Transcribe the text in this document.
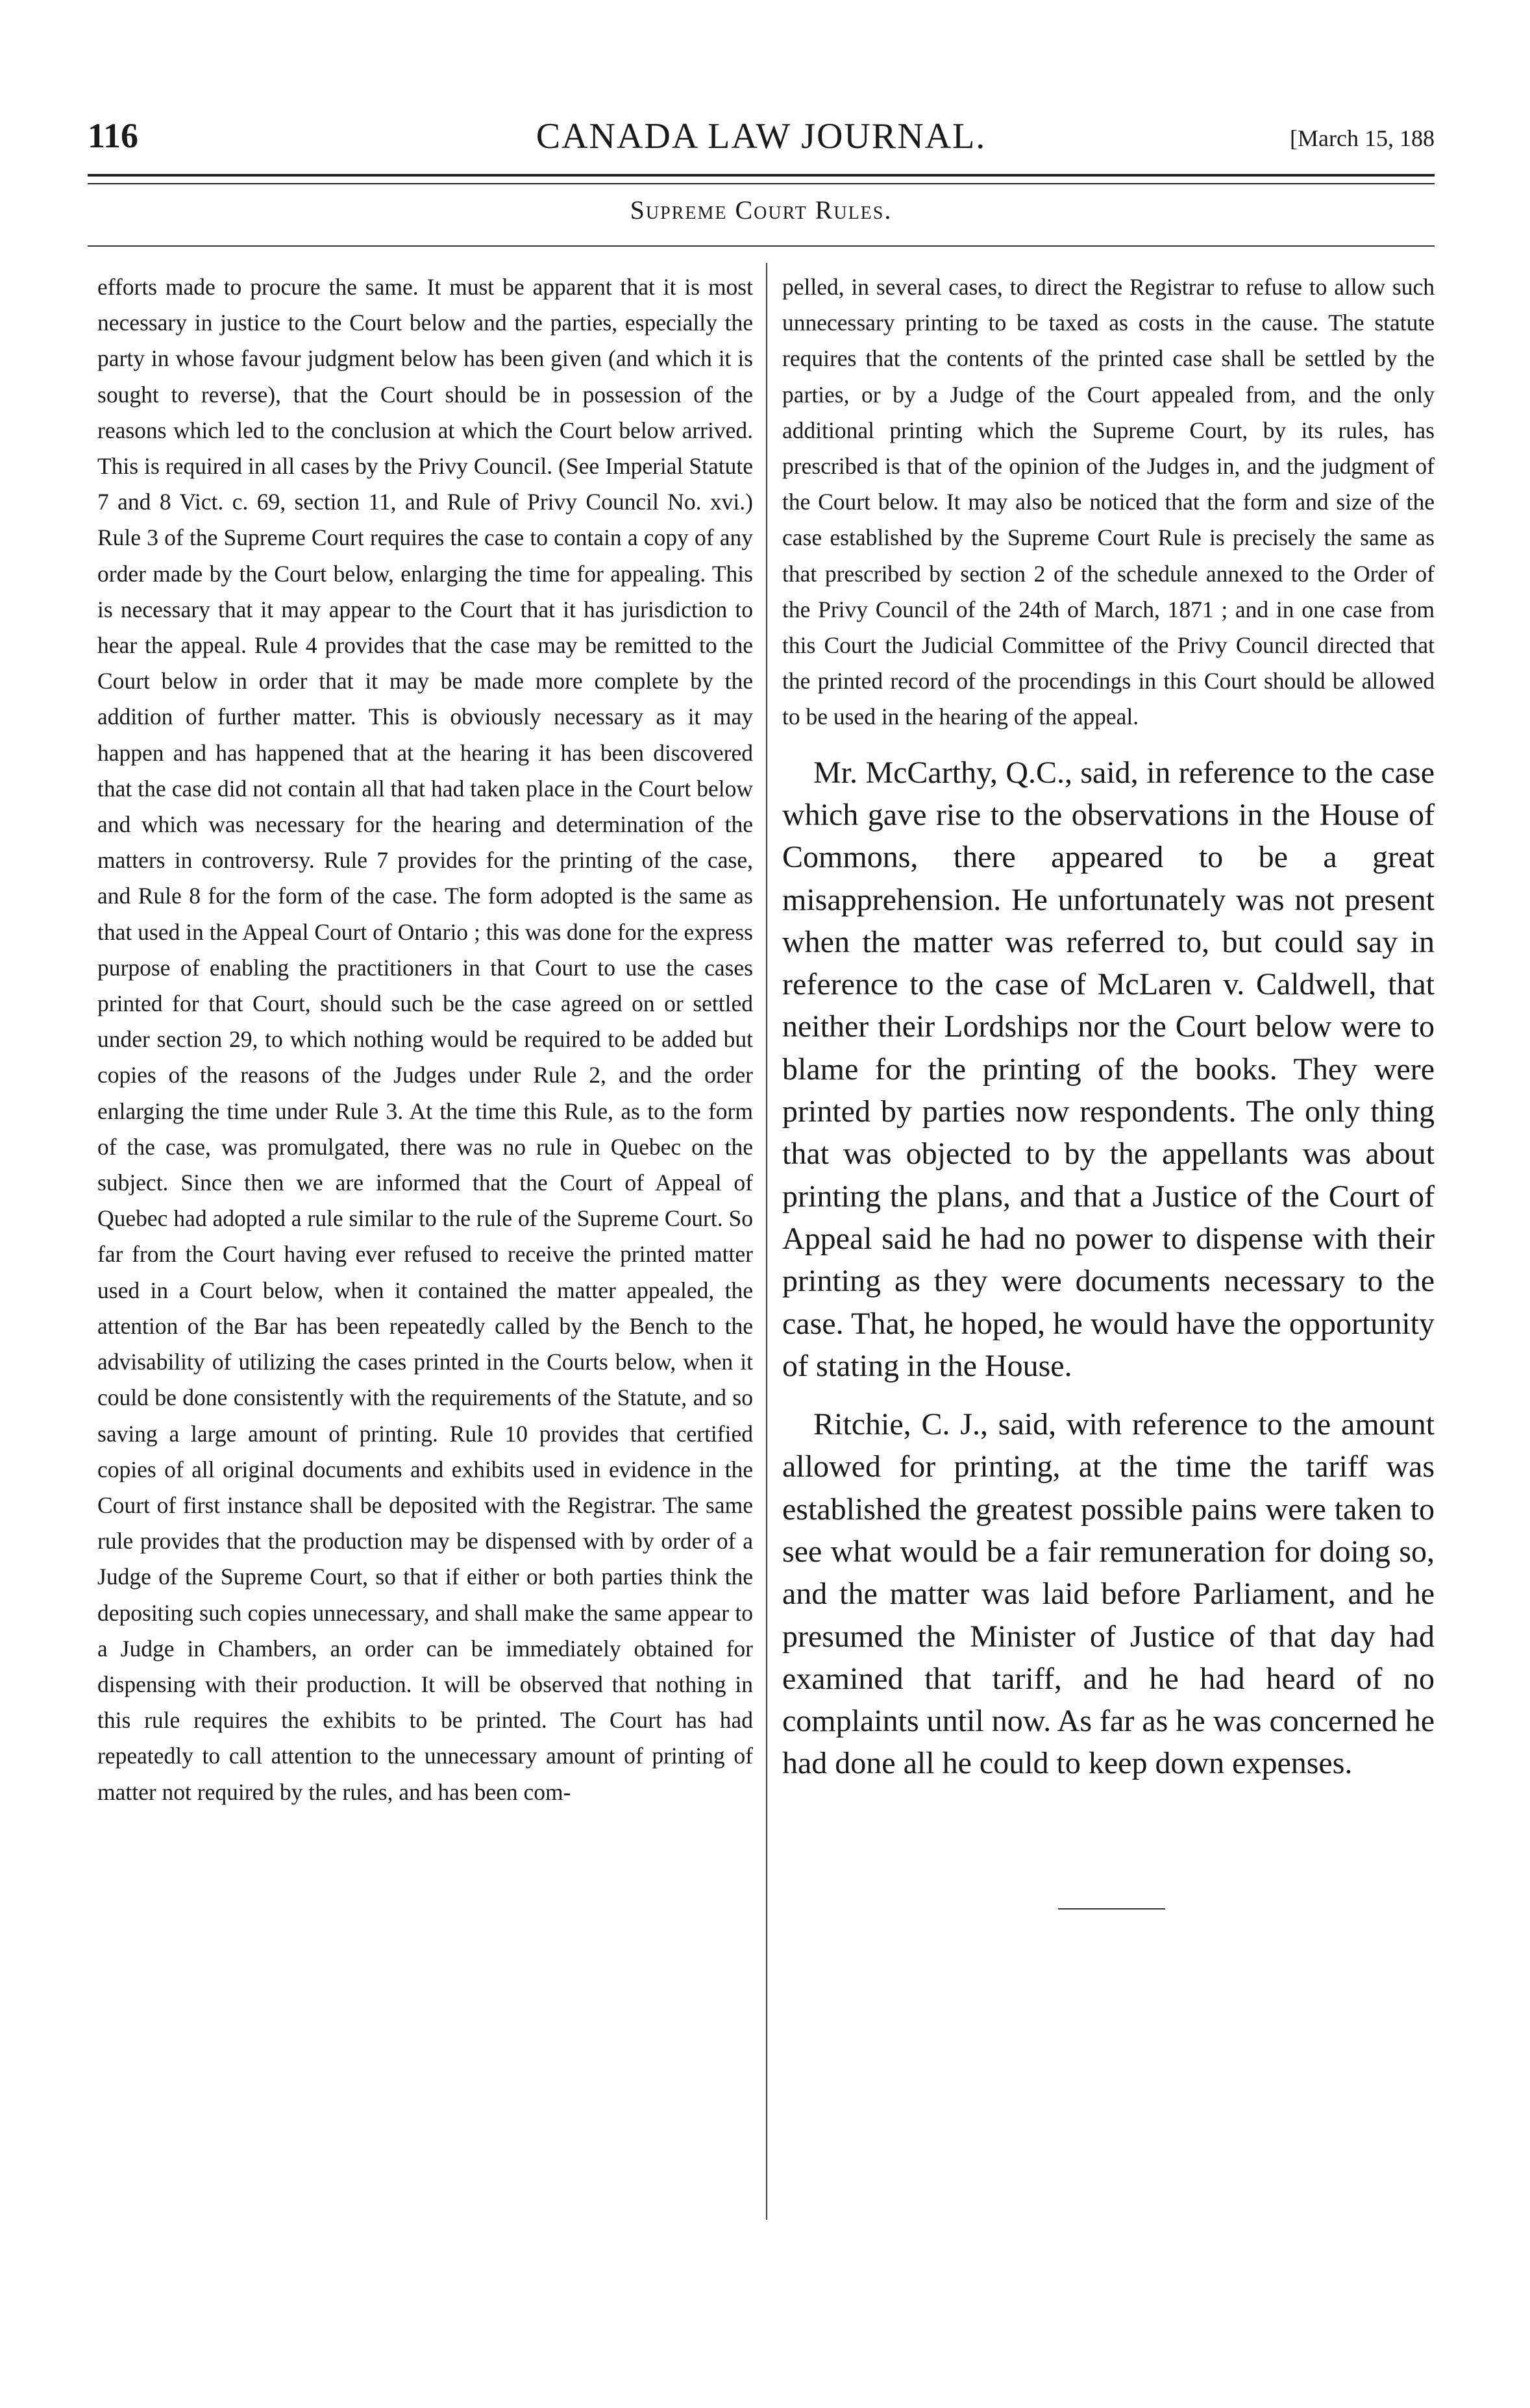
116	CANADA LAW JOURNAL.	[March 15, 188
Supreme Court Rules.

efforts made to procure the same. It must be apparent that it is most necessary in justice to the Court below and the parties, especially the party in whose favour judgment below has been given (and which it is sought to reverse), that the Court should be in possession of the reasons which led to the conclusion at which the Court below arrived. This is required in all cases by the Privy Council. (See Imperial Statute 7 and 8 Vict. c. 69, section 11, and Rule of Privy Council No. xvi.) Rule 3 of the Supreme Court requires the case to contain a copy of any order made by the Court below, enlarging the time for appealing. This is necessary that it may appear to the Court that it has jurisdiction to hear the appeal. Rule 4 provides that the case may be remitted to the Court below in order that it may be made more complete by the addition of further matter. This is obviously necessary as it may happen and has happened that at the hearing it has been discovered that the case did not contain all that had taken place in the Court below and which was necessary for the hearing and determination of the matters in controversy. Rule 7 provides for the printing of the case, and Rule 8 for the form of the case. The form adopted is the same as that used in the Appeal Court of Ontario ; this was done for the express purpose of enabling the practitioners in that Court to use the cases printed for that Court, should such be the case agreed on or settled under section 29, to which nothing would be required to be added but copies of the reasons of the Judges under Rule 2, and the order enlarging the time under Rule 3. At the time this Rule, as to the form of the case, was promulgated, there was no rule in Quebec on the subject. Since then we are informed that the Court of Appeal of Quebec had adopted a rule similar to the rule of the Supreme Court. So far from the Court having ever refused to receive the printed matter used in a Court below, when it contained the matter appealed, the attention of the Bar has been repeatedly called by the Bench to the advisability of utilizing the cases printed in the Courts below, when it could be done consistently with the requirements of the Statute, and so saving a large amount of printing. Rule 10 provides that certified copies of all original documents and exhibits used in evidence in the Court of first instance shall be deposited with the Registrar. The same rule provides that the production may be dispensed with by order of a Judge of the Supreme Court, so that if either or both parties think the depositing such copies unnecessary, and shall make the same appear to a Judge in Chambers, an order can be immediately obtained for dispensing with their production. It will be observed that nothing in this rule requires the exhibits to be printed. The Court has had repeatedly to call attention to the unnecessary amount of printing of matter not required by the rules, and has been com-

pelled, in several cases, to direct the Registrar to refuse to allow such unnecessary printing to be taxed as costs in the cause. The statute requires that the contents of the printed case shall be settled by the parties, or by a Judge of the Court appealed from, and the only additional printing which the Supreme Court, by its rules, has prescribed is that of the opinion of the Judges in, and the judgment of the Court below. It may also be noticed that the form and size of the case established by the Supreme Court Rule is precisely the same as that prescribed by section 2 of the schedule annexed to the Order of the Privy Council of the 24th of March, 1871 ; and in one case from this Court the Judicial Committee of the Privy Council directed that the printed record of the procendings in this Court should be allowed to be used in the hearing of the appeal.

Mr. McCarthy, Q.C., said, in reference to the case which gave rise to the observations in the House of Commons, there appeared to be a great misapprehension. He unfortunately was not present when the matter was referred to, but could say in reference to the case of McLaren v. Caldwell, that neither their Lordships nor the Court below were to blame for the printing of the books. They were printed by parties now respondents. The only thing that was objected to by the appellants was about printing the plans, and that a Justice of the Court of Appeal said he had no power to dispense with their printing as they were documents necessary to the case. That, he hoped, he would have the opportunity of stating in the House.

Ritchie, C. J., said, with reference to the amount allowed for printing, at the time the tariff was established the greatest possible pains were taken to see what would be a fair remuneration for doing so, and the matter was laid before Parliament, and he presumed the Minister of Justice of that day had examined that tariff, and he had heard of no complaints until now. As far as he was concerned he had done all he could to keep down expenses.
